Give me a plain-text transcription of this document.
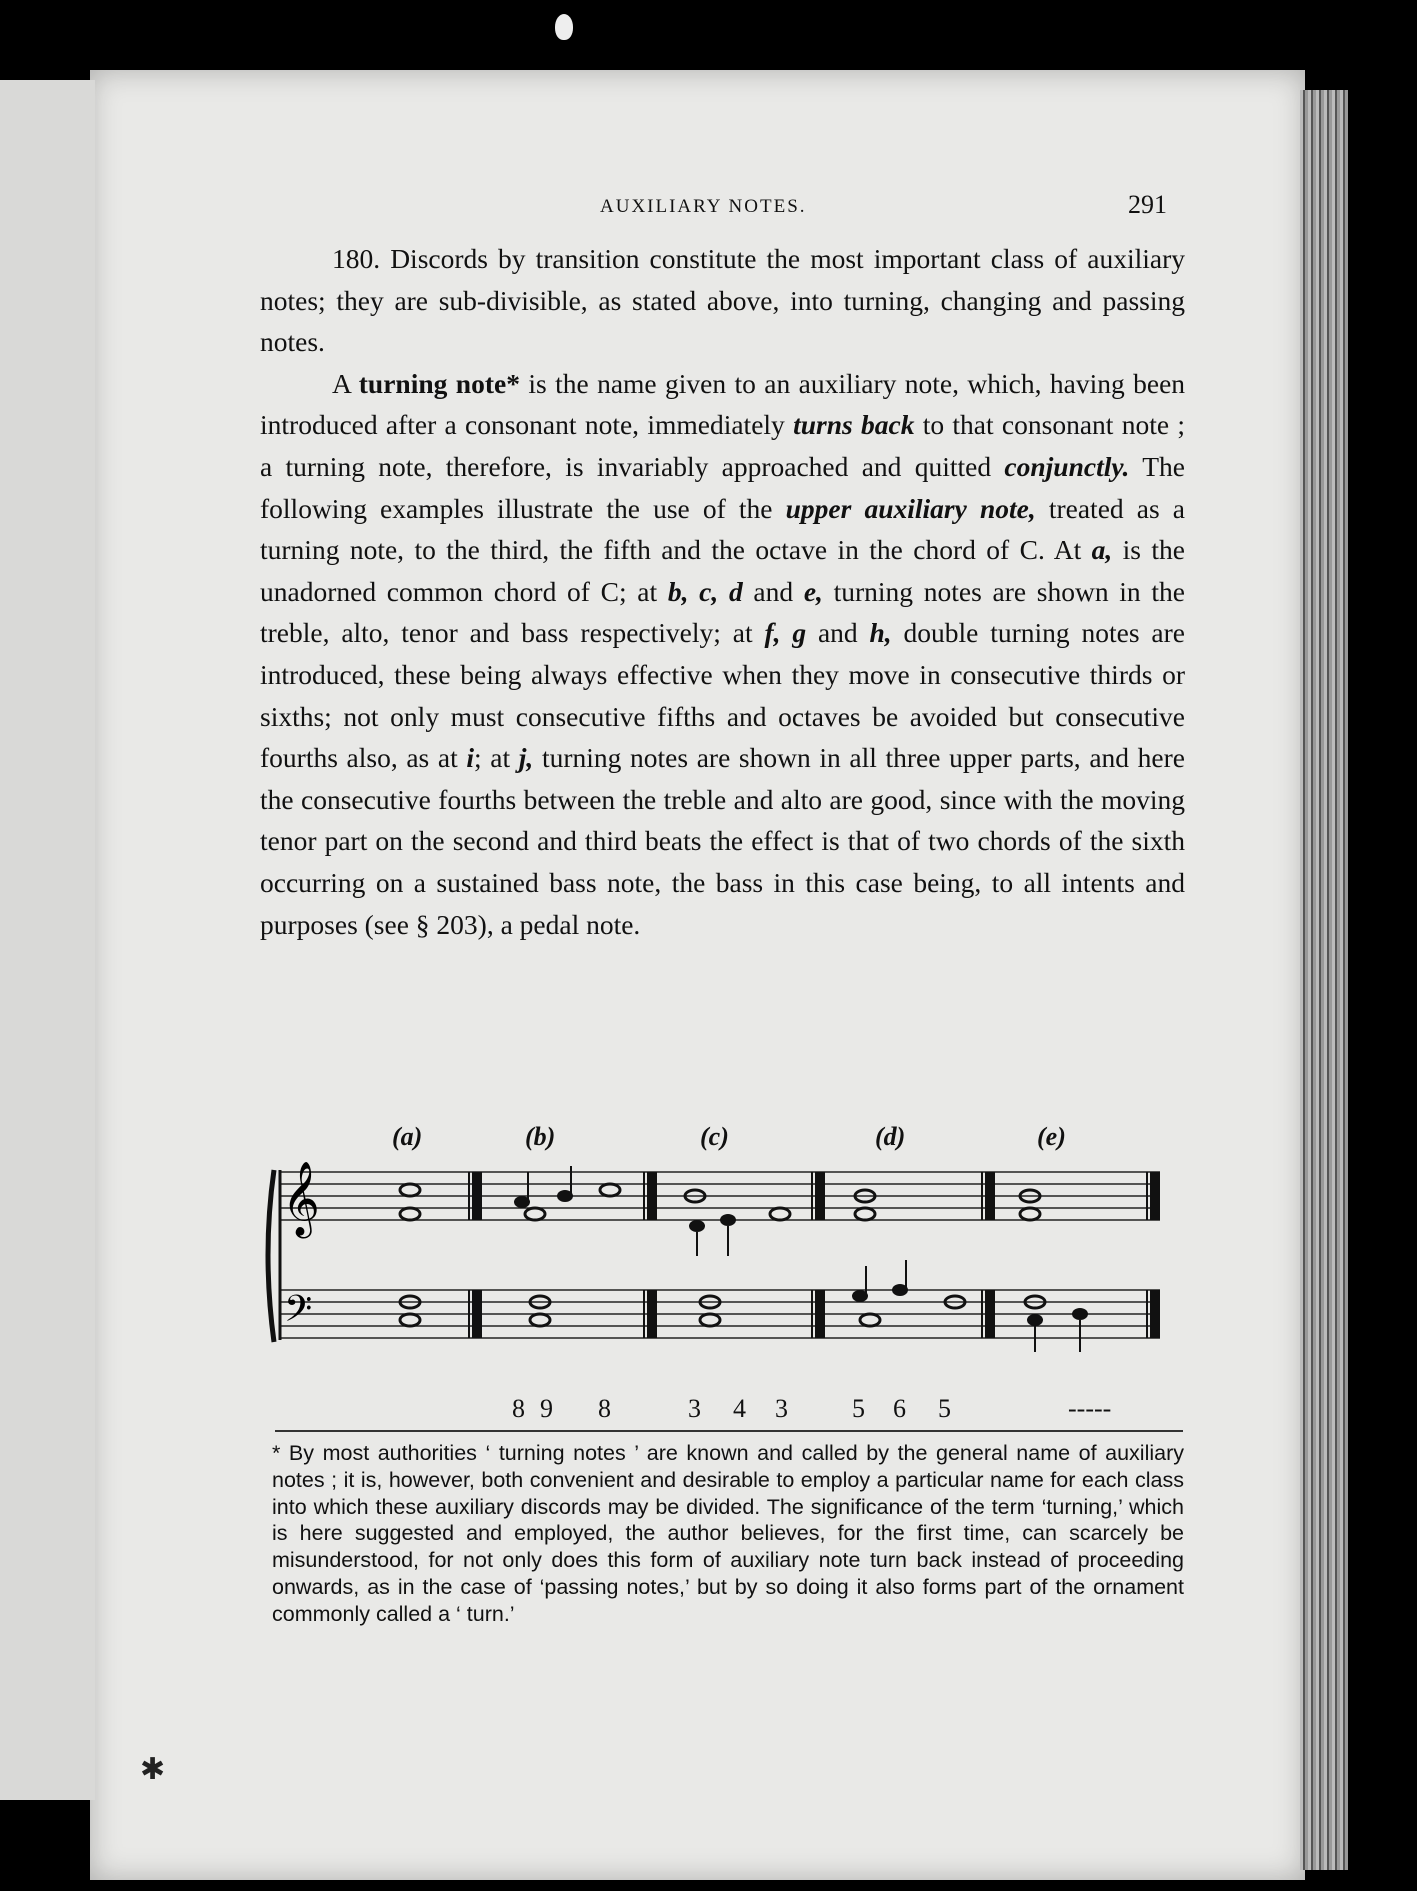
AUXILIARY NOTES.	291

180. Discords by transition constitute the most important class of auxiliary notes; they are sub-divisible, as stated above, into turning, changing and passing notes.

A turning note* is the name given to an auxiliary note, which, having been introduced after a consonant note, immediately turns back to that consonant note ; a turning note, therefore, is invariably approached and quitted conjunctly. The following examples illustrate the use of the upper auxiliary note, treated as a turning note, to the third, the fifth and the octave in the chord of C. At a, is the unadorned common chord of C; at b, c, d and e, turning notes are shown in the treble, alto, tenor and bass respectively; at f, g and h, double turning notes are introduced, these being always effective when they move in consecutive thirds or sixths; not only must consecutive fifths and octaves be avoided but consecutive fourths also, as at i; at j, turning notes are shown in all three upper parts, and here the consecutive fourths between the treble and alto are good, since with the moving tenor part on the second and third beats the effect is that of two chords of the sixth occurring on a sustained bass note, the bass in this case being, to all intents and purposes (see § 203), a pedal note.

(a)	(b)	(c)	(d)	(e)
𝄞
𝄢
8 9 8	3 4 3 5 6 5	-----
* By most authorities ‘ turning notes ’ are known and called by the general name of auxiliary notes ; it is, however, both convenient and desirable to employ a particular name for each class into which these auxiliary discords may be divided. The significance of the term ‘turning,’ which is here suggested and employed, the author believes, for the first time, can scarcely be misunderstood, for not only does this form of auxiliary note turn back instead of proceeding onwards, as in the case of ‘passing notes,’ but by so doing it also forms part of the ornament commonly called a ‘ turn.’
✱
